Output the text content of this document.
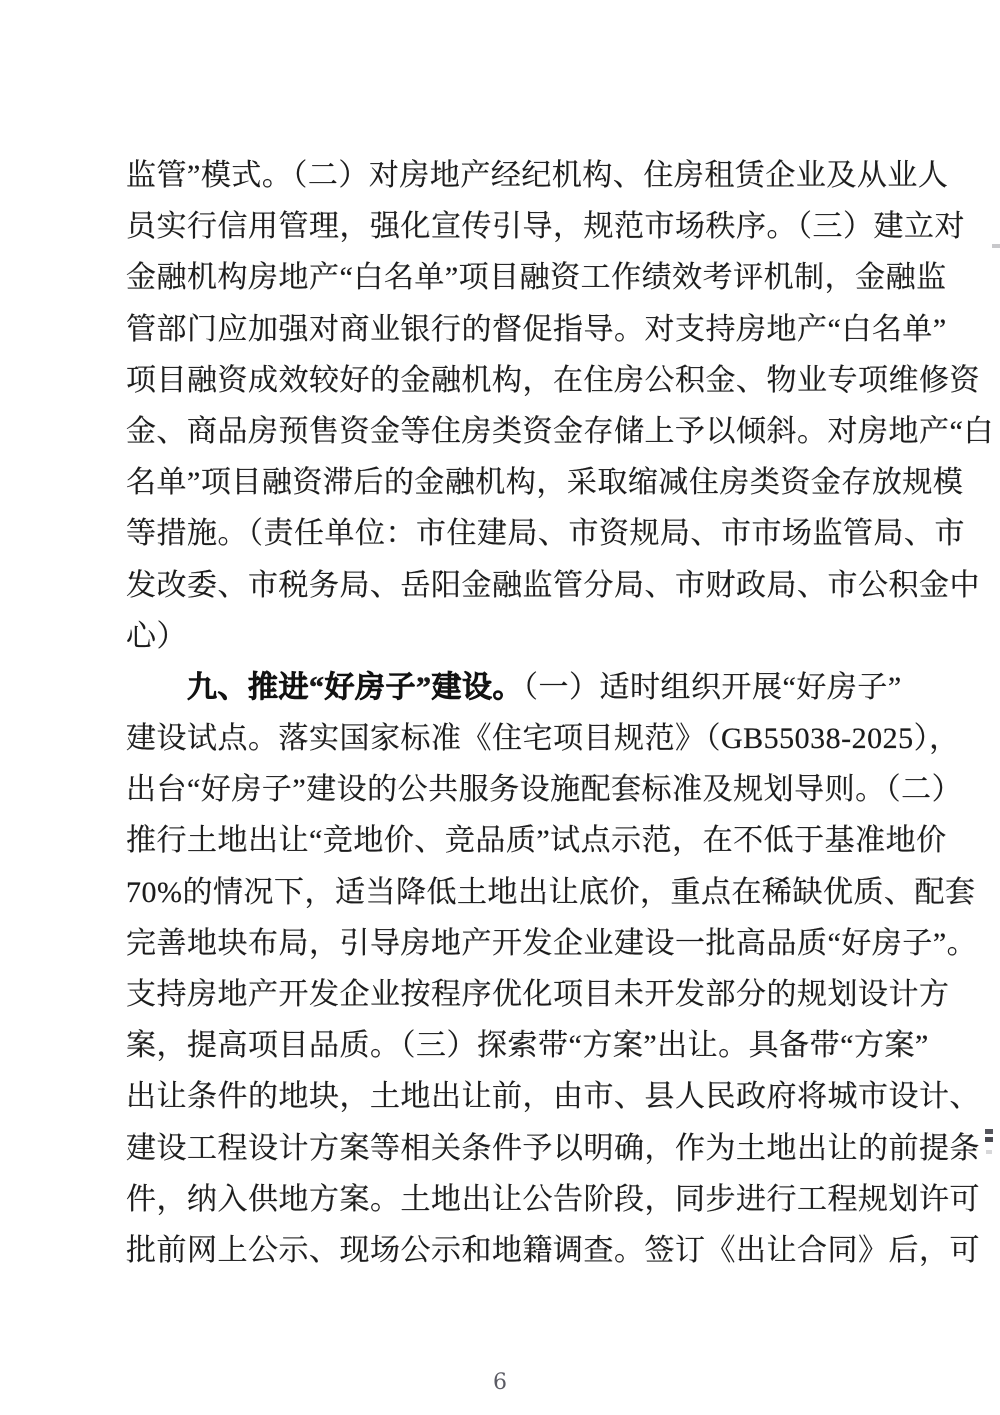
监管”模式。（二）对房地产经纪机构、住房租赁企业及从业人
员实行信用管理，强化宣传引导，规范市场秩序。（三）建立对
金融机构房地产“白名单”项目融资工作绩效考评机制，金融监
管部门应加强对商业银行的督促指导。对支持房地产“白名单”
项目融资成效较好的金融机构，在住房公积金、物业专项维修资
金、商品房预售资金等住房类资金存储上予以倾斜。对房地产“白
名单”项目融资滞后的金融机构，采取缩减住房类资金存放规模
等措施。（责任单位：市住建局、市资规局、市市场监管局、市
发改委、市税务局、岳阳金融监管分局、市财政局、市公积金中
心）
九、推进“好房子”建设。（一）适时组织开展“好房子”
建设试点。落实国家标准《住宅项目规范》（GB55038-2025），
出台“好房子”建设的公共服务设施配套标准及规划导则。（二）
推行土地出让“竞地价、竞品质”试点示范，在不低于基准地价
70%的情况下，适当降低土地出让底价，重点在稀缺优质、配套
完善地块布局，引导房地产开发企业建设一批高品质“好房子”。
支持房地产开发企业按程序优化项目未开发部分的规划设计方
案，提高项目品质。（三）探索带“方案”出让。具备带“方案”
出让条件的地块，土地出让前，由市、县人民政府将城市设计、
建设工程设计方案等相关条件予以明确，作为土地出让的前提条
件，纳入供地方案。土地出让公告阶段，同步进行工程规划许可
批前网上公示、现场公示和地籍调查。签订《出让合同》后，可
6
